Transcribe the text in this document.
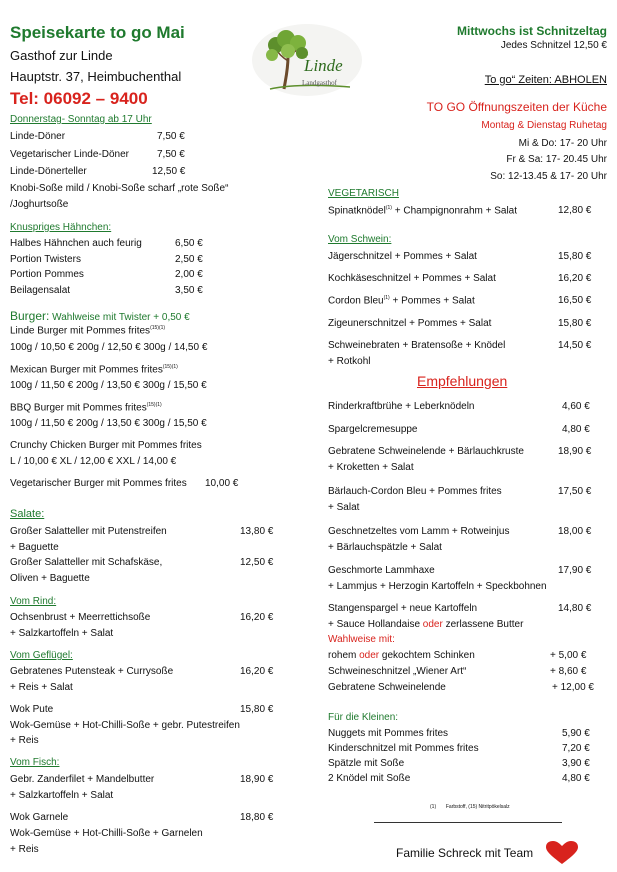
Speisekarte to go Mai
Gasthof zur Linde
Hauptstr. 37, Heimbuchenthal
Tel: 06092 – 9400
Donnerstag- Sonntag ab 17 Uhr
Linde-Döner	7,50 €
Vegetarischer Linde-Döner	7,50 €
Linde-Dönerteller	12,50 €
Knobi-Soße mild / Knobi-Soße scharf „rote Soße“
/Joghurtsoße
Knuspriges Hähnchen:
Halbes Hähnchen auch feurig	6,50 €
Portion Twisters	2,50 €
Portion Pommes	2,00 €
Beilagensalat	3,50 €
Burger: Wahlweise mit Twister + 0,50 €
Linde Burger mit Pommes frites$^{(15)(1)}$
100g / 10,50 € 200g / 12,50 € 300g / 14,50 €
Mexican Burger mit Pommes frites$^{(15)(1)}$
100g / 11,50 € 200g / 13,50 € 300g / 15,50 €
BBQ Burger mit Pommes frites$^{(15)(1)}$
100g / 11,50 € 200g / 13,50 € 300g / 15,50 €
Crunchy Chicken Burger mit Pommes frites
L / 10,00 € XL / 12,00 € XXL / 14,00 €
Vegetarischer Burger mit Pommes frites 10,00 €
Salate:
Großer Salatteller mit Putenstreifen	13,80 €
+ Baguette
Großer Salatteller mit Schafskäse,	12,50 €
Oliven + Baguette
Vom Rind:
Ochsenbrust + Meerrettichsoße	16,20 €
+ Salzkartoffeln + Salat
Vom Geflügel:
Gebratenes Putensteak + Currysoße	16,20 €
+ Reis + Salat
Wok Pute	15,80 €
Wok-Gemüse + Hot-Chilli-Soße + gebr. Putestreifen
+ Reis
Vom Fisch:
Gebr. Zanderfilet + Mandelbutter	18,90 €
+ Salzkartoffeln + Salat
Wok Garnele	18,80 €
Wok-Gemüse + Hot-Chilli-Soße + Garnelen
+ Reis
Zur
Linde
Landgasthof
Mittwochs ist Schnitzeltag
Jedes Schnitzel 12,50 €
To go“ Zeiten: ABHOLEN
TO GO Öffnungszeiten der Küche
Montag & Dienstag Ruhetag
Mi & Do: 17- 20 Uhr
Fr & Sa: 17- 20.45 Uhr
So: 12-13.45 & 17- 20 Uhr
VEGETARISCH
Spinatknödel$^{(1)}$ + Champignonrahm + Salat	12,80 €
Vom Schwein:
Jägerschnitzel + Pommes + Salat	15,80 €
Kochkäseschnitzel + Pommes + Salat	16,20 €
Cordon Bleu$^{(1)}$ + Pommes + Salat	16,50 €
Zigeunerschnitzel + Pommes + Salat	15,80 €
Schweinebraten + Bratensoße + Knödel	14,50 €
+ Rotkohl
Empfehlungen
Rinderkraftbrühe + Leberknödeln	4,60 €
Spargelcremesuppe	4,80 €
Gebratene Schweinelende + Bärlauchkruste	18,90 €
+ Kroketten + Salat
Bärlauch-Cordon Bleu + Pommes frites	17,50 €
+ Salat
Geschnetzeltes vom Lamm + Rotweinjus	18,00 €
+ Bärlauchspätzle + Salat
Geschmorte Lammhaxe	17,90 €
+ Lammjus + Herzogin Kartoffeln + Speckbohnen
Stangenspargel + neue Kartoffeln	14,80 €
+ Sauce Hollandaise oder zerlassene Butter
Wahlweise mit:
rohem oder gekochtem Schinken	+ 5,00 €
Schweineschnitzel „Wiener Art“	+ 8,60 €
Gebratene Schweinelende	+ 12,00 €
Für die Kleinen:
Nuggets mit Pommes frites	5,90 €
Kinderschnitzel mit Pommes frites	7,20 €
Spätzle mit Soße	3,90 €
2 Knödel mit Soße	4,80 €
(1) Farbstoff, (15) Nitritpökelsalz
Familie Schreck mit Team
